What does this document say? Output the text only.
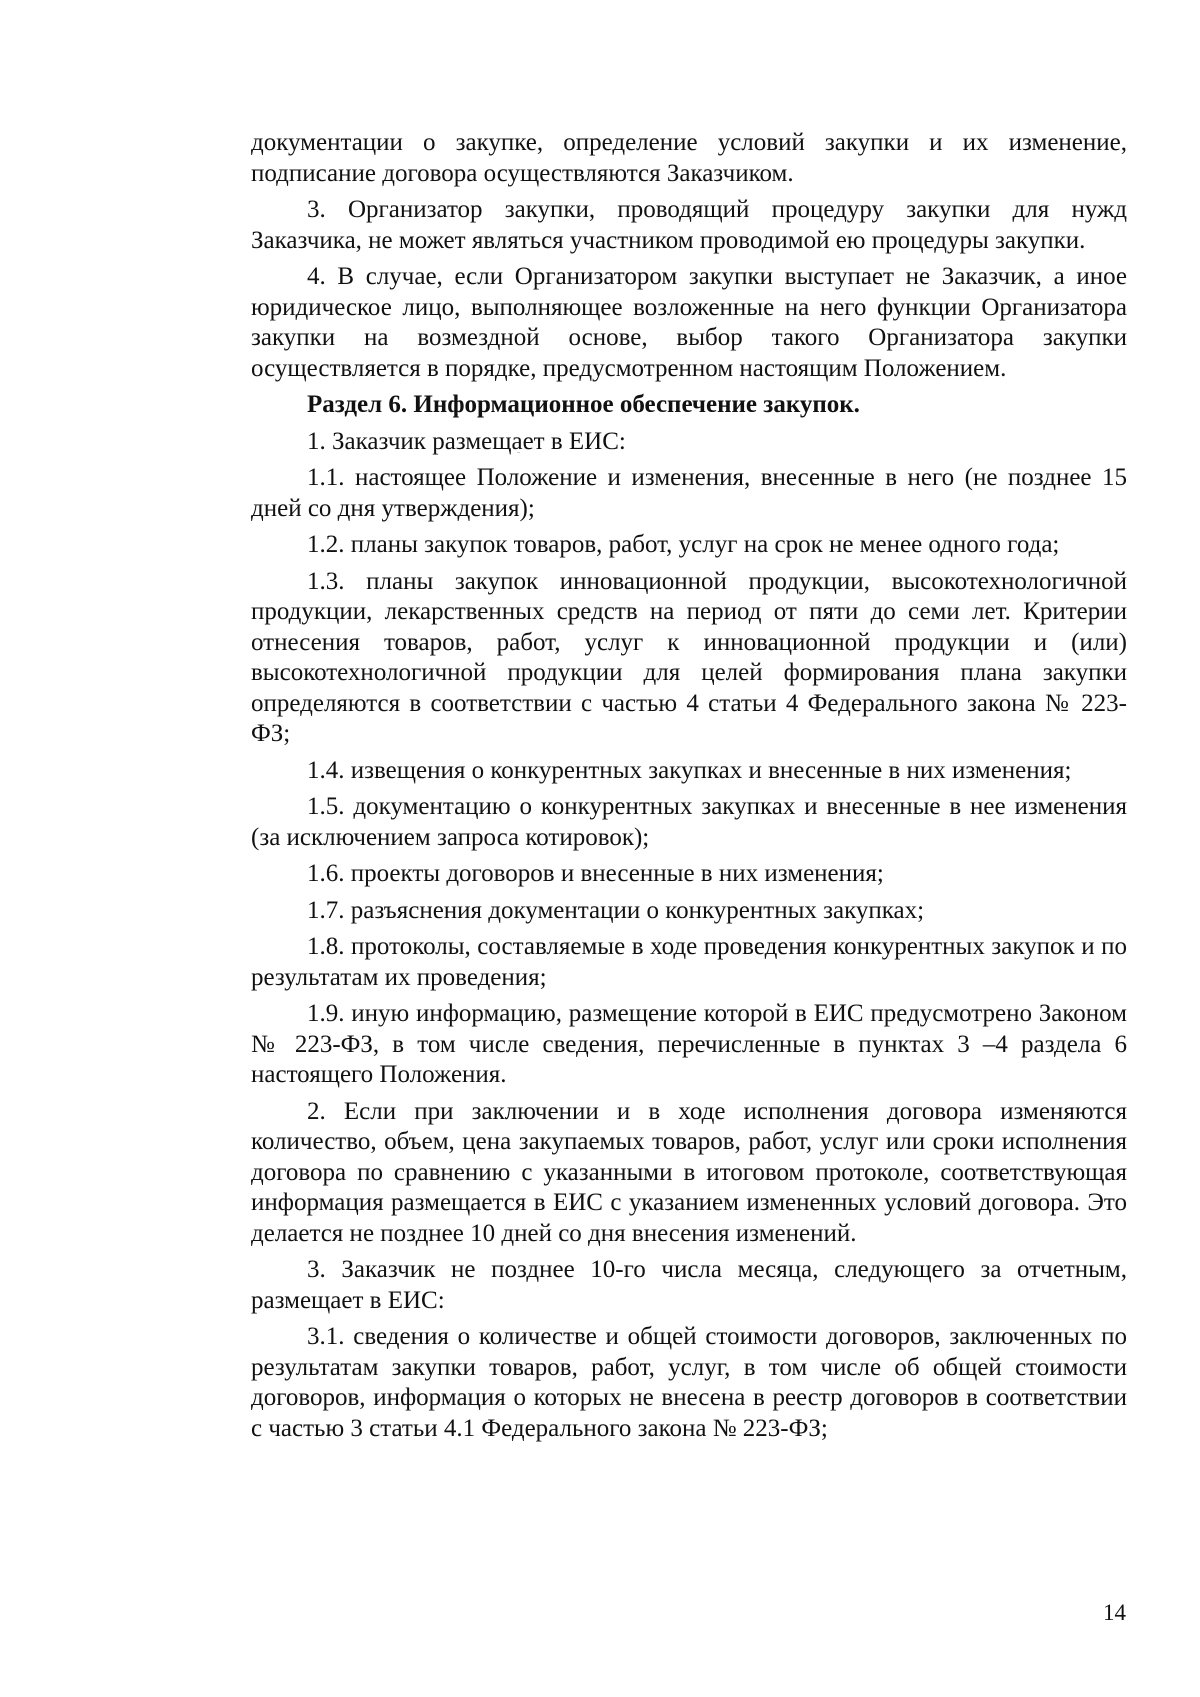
документации о закупке, определение условий закупки и их изменение, подписание договора осуществляются Заказчиком.

3. Организатор закупки, проводящий процедуру закупки для нужд Заказчика, не может являться участником проводимой ею процедуры закупки.

4. В случае, если Организатором закупки выступает не Заказчик, а иное юридическое лицо, выполняющее возложенные на него функции Организатора закупки на возмездной основе, выбор такого Организатора закупки осуществляется в порядке, предусмотренном настоящим Положением.

Раздел 6. Информационное обеспечение закупок.

1. Заказчик размещает в ЕИС:

1.1. настоящее Положение и изменения, внесенные в него (не позднее 15 дней со дня утверждения);

1.2. планы закупок товаров, работ, услуг на срок не менее одного года;

1.3. планы закупок инновационной продукции, высокотехнологичной продукции, лекарственных средств на период от пяти до семи лет. Критерии отнесения товаров, работ, услуг к инновационной продукции и (или) высокотехнологичной продукции для целей формирования плана закупки определяются в соответствии с частью 4 статьи 4 Федерального закона № 223-ФЗ;

1.4. извещения о конкурентных закупках и внесенные в них изменения;

1.5. документацию о конкурентных закупках и внесенные в нее изменения (за исключением запроса котировок);

1.6. проекты договоров и внесенные в них изменения;

1.7. разъяснения документации о конкурентных закупках;

1.8. протоколы, составляемые в ходе проведения конкурентных закупок и по результатам их проведения;

1.9. иную информацию, размещение которой в ЕИС предусмотрено Законом № 223-ФЗ, в том числе сведения, перечисленные в пунктах 3 –4 раздела 6 настоящего Положения.

2. Если при заключении и в ходе исполнения договора изменяются количество, объем, цена закупаемых товаров, работ, услуг или сроки исполнения договора по сравнению с указанными в итоговом протоколе, соответствующая информация размещается в ЕИС с указанием измененных условий договора. Это делается не позднее 10 дней со дня внесения изменений.

3. Заказчик не позднее 10-го числа месяца, следующего за отчетным, размещает в ЕИС:

3.1. сведения о количестве и общей стоимости договоров, заключенных по результатам закупки товаров, работ, услуг, в том числе об общей стоимости договоров, информация о которых не внесена в реестр договоров в соответствии с частью 3 статьи 4.1 Федерального закона № 223-ФЗ;

14
